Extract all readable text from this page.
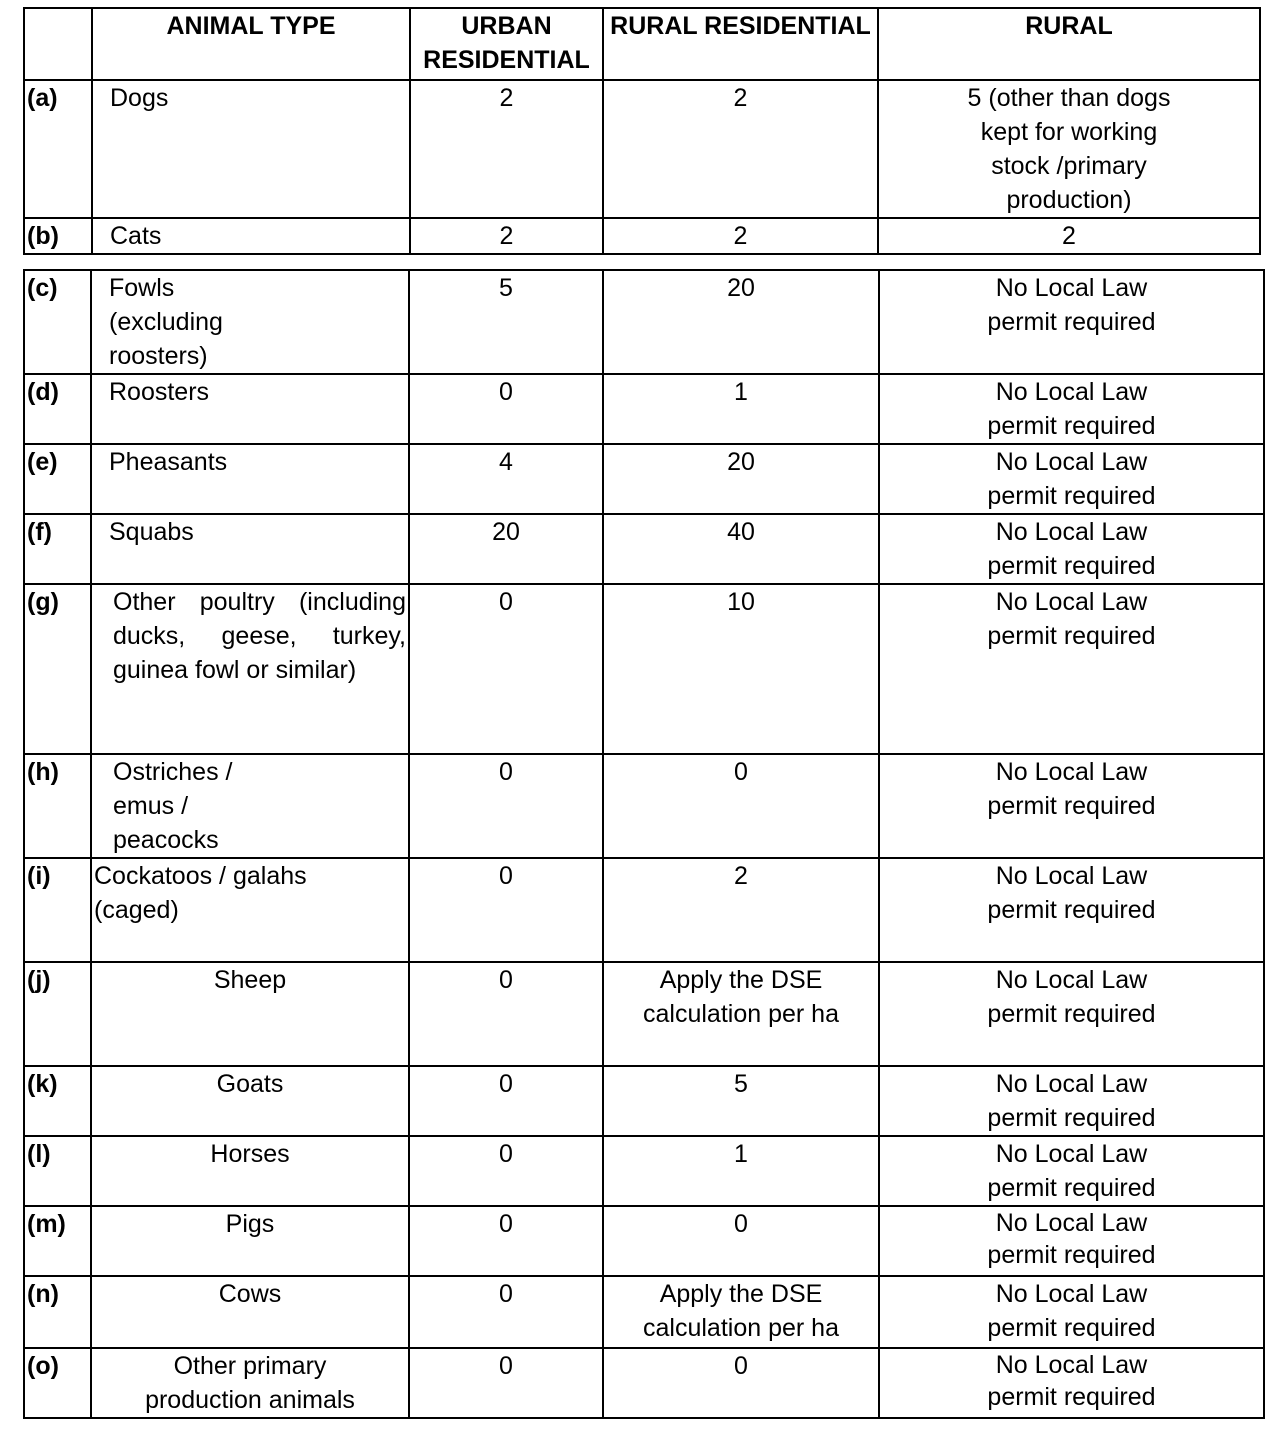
	ANIMAL TYPE	URBAN RESIDENTIAL	RURAL RESIDENTIAL	RURAL
(a)	Dogs	2	2	5 (other than dogs kept for working stock /primary production)
(b)	Cats	2	2	2
(c)	Fowls (excluding roosters)	5	20	No Local Law permit required
(d)	Roosters	0	1	No Local Law permit required
(e)	Pheasants	4	20	No Local Law permit required
(f)	Squabs	20	40	No Local Law permit required
(g)	Other poultry (including ducks, geese, turkey, guinea fowl or similar)	0	10	No Local Law permit required
(h)	Ostriches / emus / peacocks	0	0	No Local Law permit required
(i)	Cockatoos / galahs (caged)	0	2	No Local Law permit required
(j)	Sheep	0	Apply the DSE calculation per ha	No Local Law permit required
(k)	Goats	0	5	No Local Law permit required
(l)	Horses	0	1	No Local Law permit required
(m)	Pigs	0	0	No Local Law permit required
(n)	Cows	0	Apply the DSE calculation per ha	No Local Law permit required
(o)	Other primary production animals	0	0	No Local Law permit required
